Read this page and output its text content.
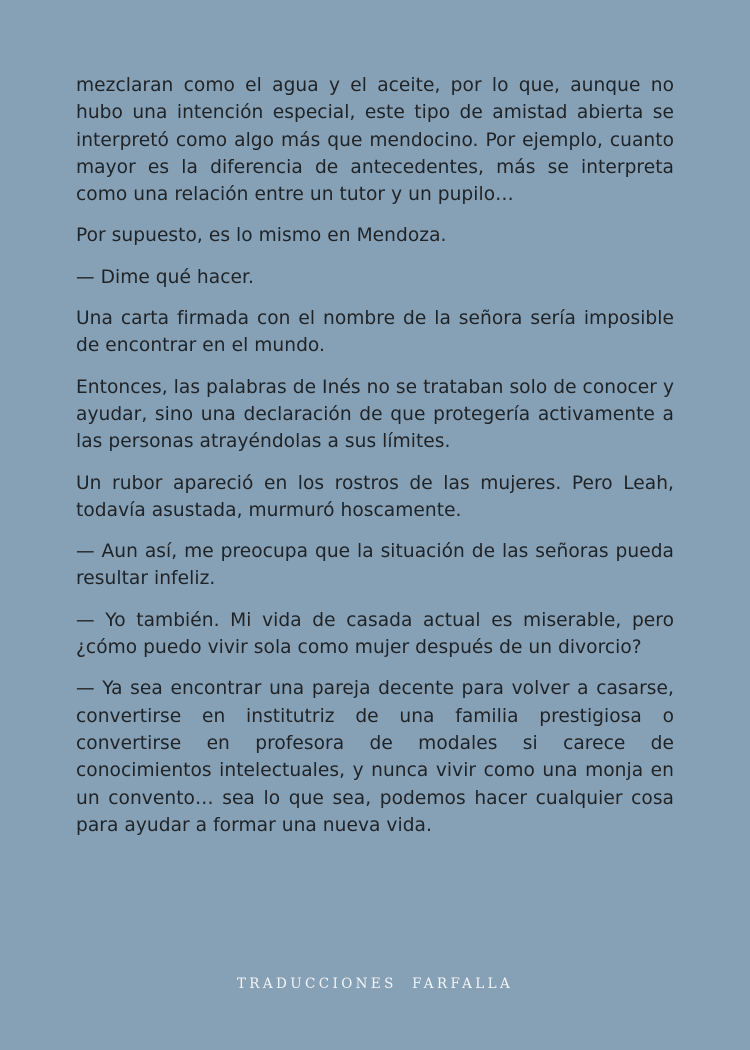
mezclaran como el agua y el aceite, por lo que, aunque no hubo una intención especial, este tipo de amistad abierta se interpretó como algo más que mendocino. Por ejemplo, cuanto mayor es la diferencia de antecedentes, más se interpreta como una relación entre un tutor y un pupilo…

Por supuesto, es lo mismo en Mendoza.

— Dime qué hacer.

Una carta firmada con el nombre de la señora sería imposible de encontrar en el mundo.

Entonces, las palabras de Inés no se trataban solo de conocer y ayudar, sino una declaración de que protegería activamente a las personas atrayéndolas a sus límites.

Un rubor apareció en los rostros de las mujeres. Pero Leah, todavía asustada, murmuró hoscamente.

— Aun así, me preocupa que la situación de las señoras pueda resultar infeliz.

— Yo también. Mi vida de casada actual es miserable, pero ¿cómo puedo vivir sola como mujer después de un divorcio?

— Ya sea encontrar una pareja decente para volver a casarse, convertirse en institutriz de una familia prestigiosa o convertirse en profesora de modales si carece de conocimientos intelectuales, y nunca vivir como una monja en un convento… sea lo que sea, podemos hacer cualquier cosa para ayudar a formar una nueva vida.

TRADUCCIONES  FARFALLA
